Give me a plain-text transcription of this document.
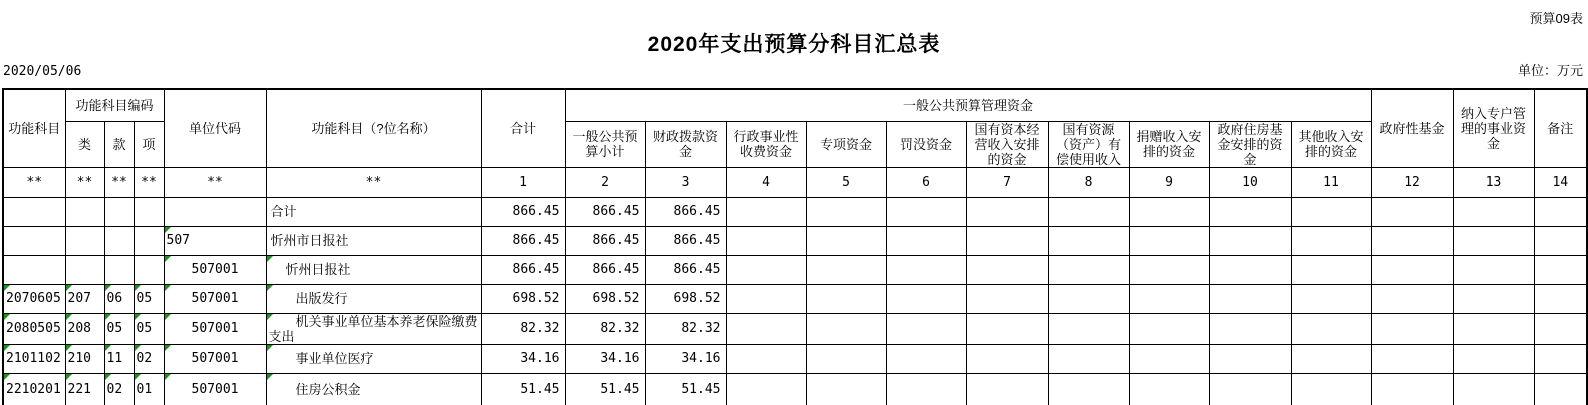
预算09表
2020年支出预算分科目汇总表
2020/05/06	单位：万元
功能科目	功能科目编码			单位代码	功能科目（?位名称）	合计	一般公共预算管理资金										政府性基金	纳入专户管理的事业资金	备注
	类	款	项				一般公共预算小计	财政拨款资金	行政事业性收费资金	专项资金	罚没资金	国有资本经营收入安排的资金	国有资源（资产）有偿使用收入	捐赠收入安排的资金	政府住房基金安排的资金	其他收入安排的资金			
**	**	**	**	**	**	1	2	3	4	5	6	7	8	9	10	11	12	13	14
					合计	866.45	866.45	866.45											
				507	忻州市日报社	866.45	866.45	866.45											
				507001	忻州日报社	866.45	866.45	866.45											
2070605	207	06	05	507001	出版发行	698.52	698.52	698.52											
2080505	208	05	05	507001	机关事业单位基本养老保险缴费支出	82.32	82.32	82.32											
2101102	210	11	02	507001	事业单位医疗	34.16	34.16	34.16											
2210201	221	02	01	507001	住房公积金	51.45	51.45	51.45											
